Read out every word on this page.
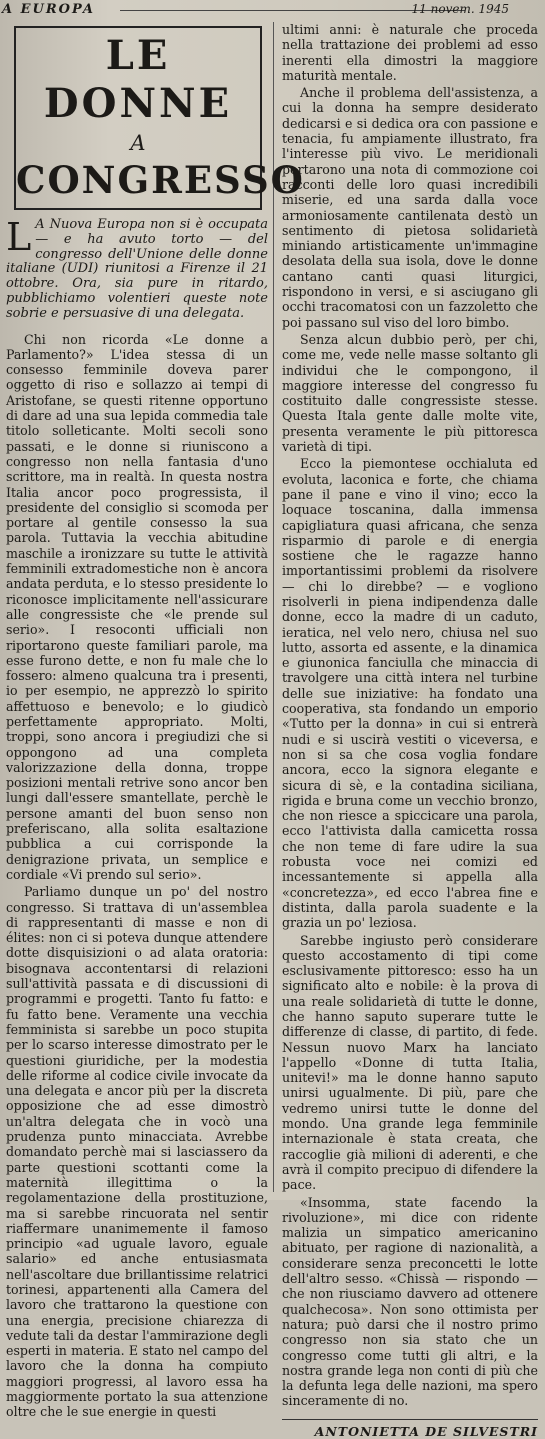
A EUROPA	11 novem. 1945
LE DONNE
A
CONGRESSO
L A Nuova Europa non si è occupata — e ha avuto torto — del congresso dell'Unione delle donne italiane (UDI) riunitosi a Firenze il 21 ottobre. Ora, sia pure in ritardo, pubblichiamo volentieri queste note sobrie e persuasive di una delegata.

Chi non ricorda «Le donne a Parlamento?» L'idea stessa di un consesso femminile doveva parer oggetto di riso e sollazzo ai tempi di Aristofane, se questi ritenne opportuno di dare ad una sua lepida commedia tale titolo solleticante. Molti secoli sono passati, e le donne si riuniscono a congresso non nella fantasia d'uno scrittore, ma in realtà. In questa nostra Italia ancor poco progressista, il presidente del consiglio si scomoda per portare al gentile consesso la sua parola. Tuttavia la vecchia abitudine maschile a ironizzare su tutte le attività femminili extradomestiche non è ancora andata perduta, e lo stesso presidente lo riconosce implicitamente nell'assicurare alle congressiste che «le prende sul serio». I resoconti ufficiali non riportarono queste familiari parole, ma esse furono dette, e non fu male che lo fossero: almeno qualcuna tra i presenti, io per esempio, ne apprezzò lo spirito affettuoso e benevolo; e lo giudicò perfettamente appropriato. Molti, troppi, sono ancora i pregiudizi che si oppongono ad una completa valorizzazione della donna, troppe posizioni mentali retrive sono ancor ben lungi dall'essere smantellate, perchè le persone amanti del buon senso non preferiscano, alla solita esaltazione pubblica a cui corrisponde la denigrazione privata, un semplice e cordiale «Vi prendo sul serio».

Parliamo dunque un po' del nostro congresso. Si trattava di un'assemblea di rappresentanti di masse e non di élites: non ci si poteva dunque attendere dotte disquisizioni o ad alata oratoria: bisognava accontentarsi di relazioni sull'attività passata e di discussioni di programmi e progetti. Tanto fu fatto: e fu fatto bene. Veramente una vecchia femminista si sarebbe un poco stupita per lo scarso interesse dimostrato per le questioni giuridiche, per la modestia delle riforme al codice civile invocate da una delegata e ancor più per la discreta opposizione che ad esse dimostrò un'altra delegata che in vocò una prudenza punto minacciata. Avrebbe domandato perchè mai si lasciassero da parte questioni scottanti come la maternità illegittima o la regolamentazione della prostituzione, ma si sarebbe rincuorata nel sentir riaffermare unanimemente il famoso principio «ad uguale lavoro, eguale salario» ed anche entusiasmata nell'ascoltare due brillantissime relatrici torinesi, appartenenti alla Camera del lavoro che trattarono la questione con una energia, precisione chiarezza di vedute tali da destar l'ammirazione degli esperti in materia. E stato nel campo del lavoro che la donna ha compiuto maggiori progressi, al lavoro essa ha maggiormente portato la sua attenzione oltre che le sue energie in questi

ultimi anni: è naturale che proceda nella trattazione dei problemi ad esso inerenti ella dimostri la maggiore maturità mentale.

Anche il problema dell'assistenza, a cui la donna ha sempre desiderato dedicarsi e si dedica ora con passione e tenacia, fu ampiamente illustrato, fra l'interesse più vivo. Le meridionali portarono una nota di commozione coi racconti delle loro quasi incredibili miserie, ed una sarda dalla voce armoniosamente cantilenata destò un sentimento di pietosa solidarietà miniando artisticamente un'immagine desolata della sua isola, dove le donne cantano canti quasi liturgici, rispondono in versi, e si asciugano gli occhi tracomatosi con un fazzoletto che poi passano sul viso del loro bimbo.

Senza alcun dubbio però, per chi, come me, vede nelle masse soltanto gli individui che le compongono, il maggiore interesse del congresso fu costituito dalle congressiste stesse. Questa Itala gente dalle molte vite, presenta veramente le più pittoresca varietà di tipi.

Ecco la piemontese occhialuta ed evoluta, laconica e forte, che chiama pane il pane e vino il vino; ecco la loquace toscanina, dalla immensa capigliatura quasi africana, che senza risparmio di parole e di energia sostiene che le ragazze hanno importantissimi problemi da risolvere — chi lo direbbe? — e vogliono risolverli in piena indipendenza dalle donne, ecco la madre di un caduto, ieratica, nel velo nero, chiusa nel suo lutto, assorta ed assente, e la dinamica e giunonica fanciulla che minaccia di travolgere una città intera nel turbine delle sue iniziative: ha fondato una cooperativa, sta fondando un emporio «Tutto per la donna» in cui si entrerà nudi e si uscirà vestiti o viceversa, e non si sa che cosa voglia fondare ancora, ecco la signora elegante e sicura di sè, e la contadina siciliana, rigida e bruna come un vecchio bronzo, che non riesce a spiccicare una parola, ecco l'attivista dalla camicetta rossa che non teme di fare udire la sua robusta voce nei comizi ed incessantemente si appella alla «concretezza», ed ecco l'abrea fine e distinta, dalla parola suadente e la grazia un po' leziosa.

Sarebbe ingiusto però considerare questo accostamento di tipi come esclusivamente pittoresco: esso ha un significato alto e nobile: è la prova di una reale solidarietà di tutte le donne, che hanno saputo superare tutte le differenze di classe, di partito, di fede. Nessun nuovo Marx ha lanciato l'appello «Donne di tutta Italia, unitevi!» ma le donne hanno saputo unirsi ugualmente. Di più, pare che vedremo unirsi tutte le donne del mondo. Una grande lega femminile internazionale è stata creata, che raccoglie già milioni di aderenti, e che avrà il compito precipuo di difendere la pace.

«Insomma, state facendo la rivoluzione», mi dice con ridente malizia un simpatico americanino abituato, per ragione di nazionalità, a considerare senza preconcetti le lotte dell'altro sesso. «Chissà — rispondo — che non riusciamo davvero ad ottenere qualchecosa». Non sono ottimista per natura; può darsi che il nostro primo congresso non sia stato che un congresso come tutti gli altri, e la nostra grande lega non conti di più che la defunta lega delle nazioni, ma spero sinceramente di no.

ANTONIETTA DE SILVESTRI
